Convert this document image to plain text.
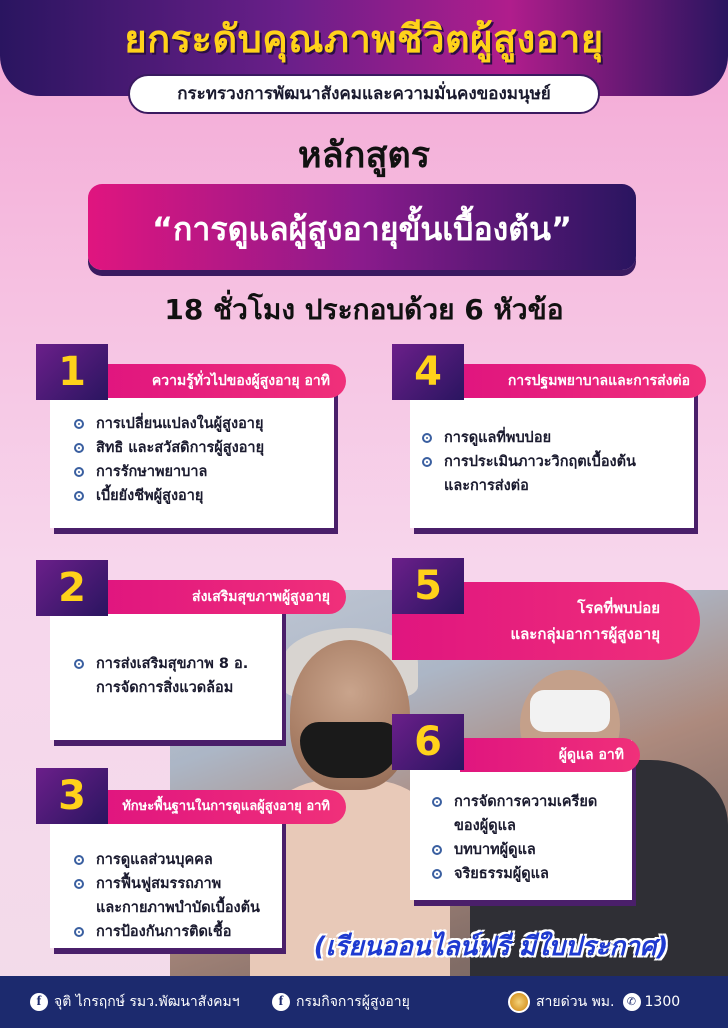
ยกระดับคุณภาพชีวิตผู้สูงอายุ
กระทรวงการพัฒนาสังคมและความมั่นคงของมนุษย์
หลักสูตร
“การดูแลผู้สูงอายุขั้นเบื้องต้น”
18 ชั่วโมง ประกอบด้วย 6 หัวข้อ
ความรู้ทั่วไปของผู้สูงอายุ อาทิ
1
การเปลี่ยนแปลงในผู้สูงอายุ
สิทธิ และสวัสดิการผู้สูงอายุ
การรักษาพยาบาล
เบี้ยยังชีพผู้สูงอายุ
การปฐมพยาบาลและการส่งต่อ
4
การดูแลที่พบบ่อย
การประเมินภาวะวิกฤตเบื้องต้น
และการส่งต่อ
ส่งเสริมสุขภาพผู้สูงอายุ
2
การส่งเสริมสุขภาพ 8 อ.
การจัดการสิ่งแวดล้อม
โรคที่พบบ่อย
และกลุ่มอาการผู้สูงอายุ
5
ทักษะพื้นฐานในการดูแลผู้สูงอายุ อาทิ
3
การดูแลส่วนบุคคล
การฟื้นฟูสมรรถภาพ
และกายภาพบำบัดเบื้องต้น
การป้องกันการติดเชื้อ
ผู้ดูแล อาทิ
6
การจัดการความเครียด
ของผู้ดูแล
บทบาทผู้ดูแล
จริยธรรมผู้ดูแล
(เรียนออนไลน์ฟรี มีใบประกาศ)
f จุติ ไกรฤกษ์ รมว.พัฒนาสังคมฯ	f กรมกิจการผู้สูงอายุ	สายด่วน พม. ✆ 1300
